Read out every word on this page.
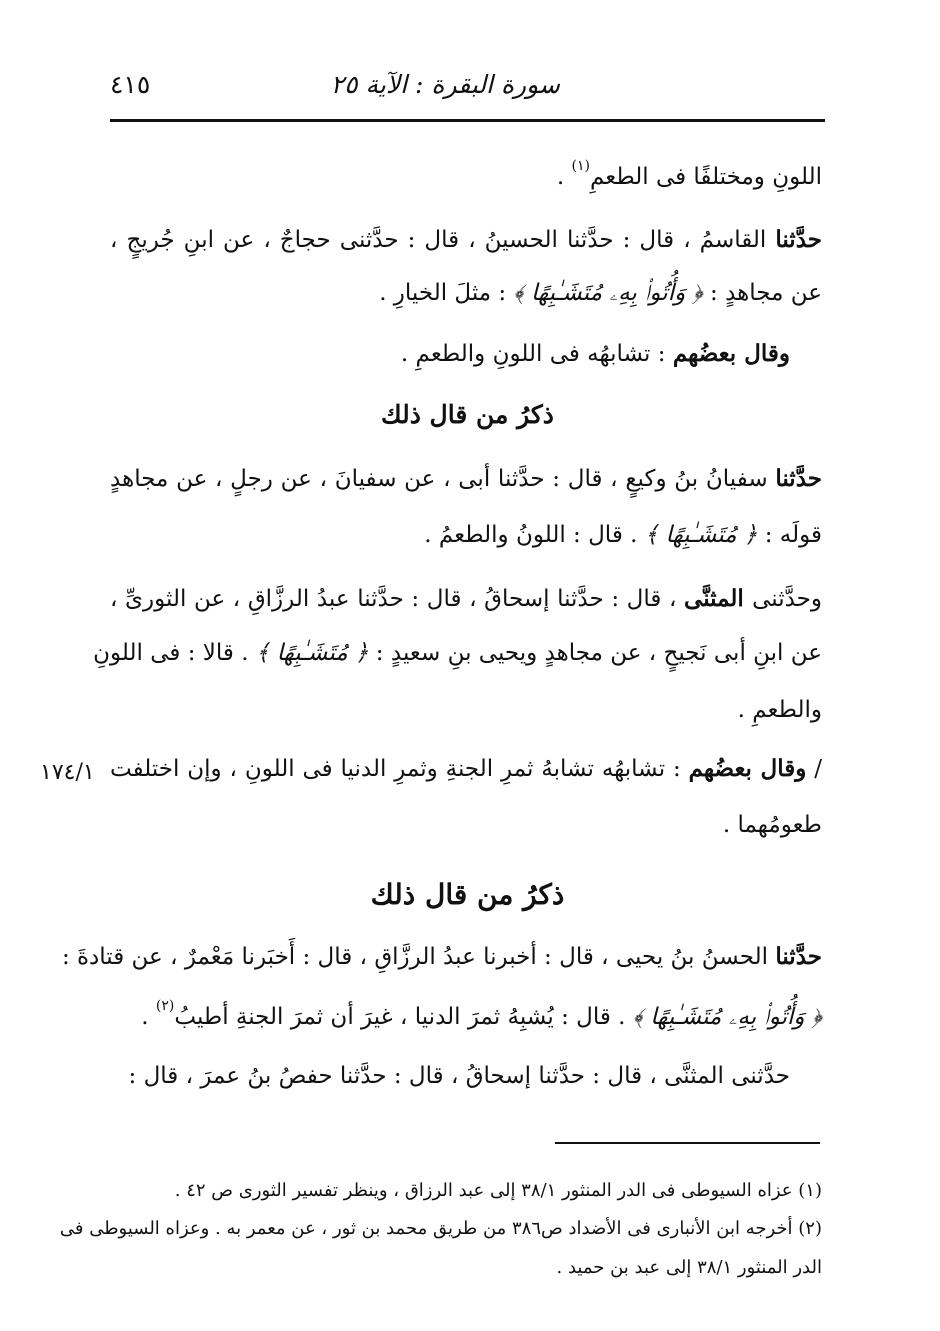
سورة البقرة : الآية ٢٥
٤١٥
اللونِ ومختلفًا فى الطعمِ$^{(١)}$ .
حدَّثنا القاسمُ ، قال : حدَّثنا الحسينُ ، قال : حدَّثنى حجاجٌ ، عن ابنِ جُريجٍ ،
عن مجاهدٍ : ﴿ وَأُتُوا۟ بِهِۦ مُتَشَـٰبِهًا ﴾ : مثلَ الخيارِ .
وقال بعضُهم : تشابهُه فى اللونِ والطعمِ .
ذكرُ من قال ذلك
حدَّثنا سفيانُ بنُ وكيعٍ ، قال : حدَّثنا أبى ، عن سفيانَ ، عن رجلٍ ، عن مجاهدٍ
قولَه : ﴿ مُتَشَـٰبِهًا ﴾ . قال : اللونُ والطعمُ .
وحدَّثنى المثنَّى ، قال : حدَّثنا إسحاقُ ، قال : حدَّثنا عبدُ الرزَّاقِ ، عن الثورىِّ ،
عن ابنِ أبى نَجيحٍ ، عن مجاهدٍ ويحيى بنِ سعيدٍ : ﴿ مُتَشَـٰبِهًا ﴾ . قالا : فى اللونِ
والطعمِ .
/ وقال بعضُهم : تشابهُه تشابهُ ثمرِ الجنةِ وثمرِ الدنيا فى اللونِ ، وإن اختلفت
١٧٤/١
طعومُهما .
ذكرُ من قال ذلك
حدَّثنا الحسنُ بنُ يحيى ، قال : أخبرنا عبدُ الرزَّاقِ ، قال : أَخبَرنا مَعْمرٌ ، عن قتادةَ :
﴿ وَأُتُوا۟ بِهِۦ مُتَشَـٰبِهًا ﴾ . قال : يُشبِهُ ثمرَ الدنيا ، غيرَ أن ثمرَ الجنةِ أطيبُ$^{(٢)}$ .
حدَّثنى المثنَّى ، قال : حدَّثنا إسحاقُ ، قال : حدَّثنا حفصُ بنُ عمرَ ، قال :
(١) عزاه السيوطى فى الدر المنثور ٣٨/١ إلى عبد الرزاق ، وينظر تفسير الثورى ص ٤٢ .
(٢) أخرجه ابن الأنبارى فى الأضداد ص٣٨٦ من طريق محمد بن ثور ، عن معمر به . وعزاه السيوطى فى
الدر المنثور ٣٨/١ إلى عبد بن حميد .
